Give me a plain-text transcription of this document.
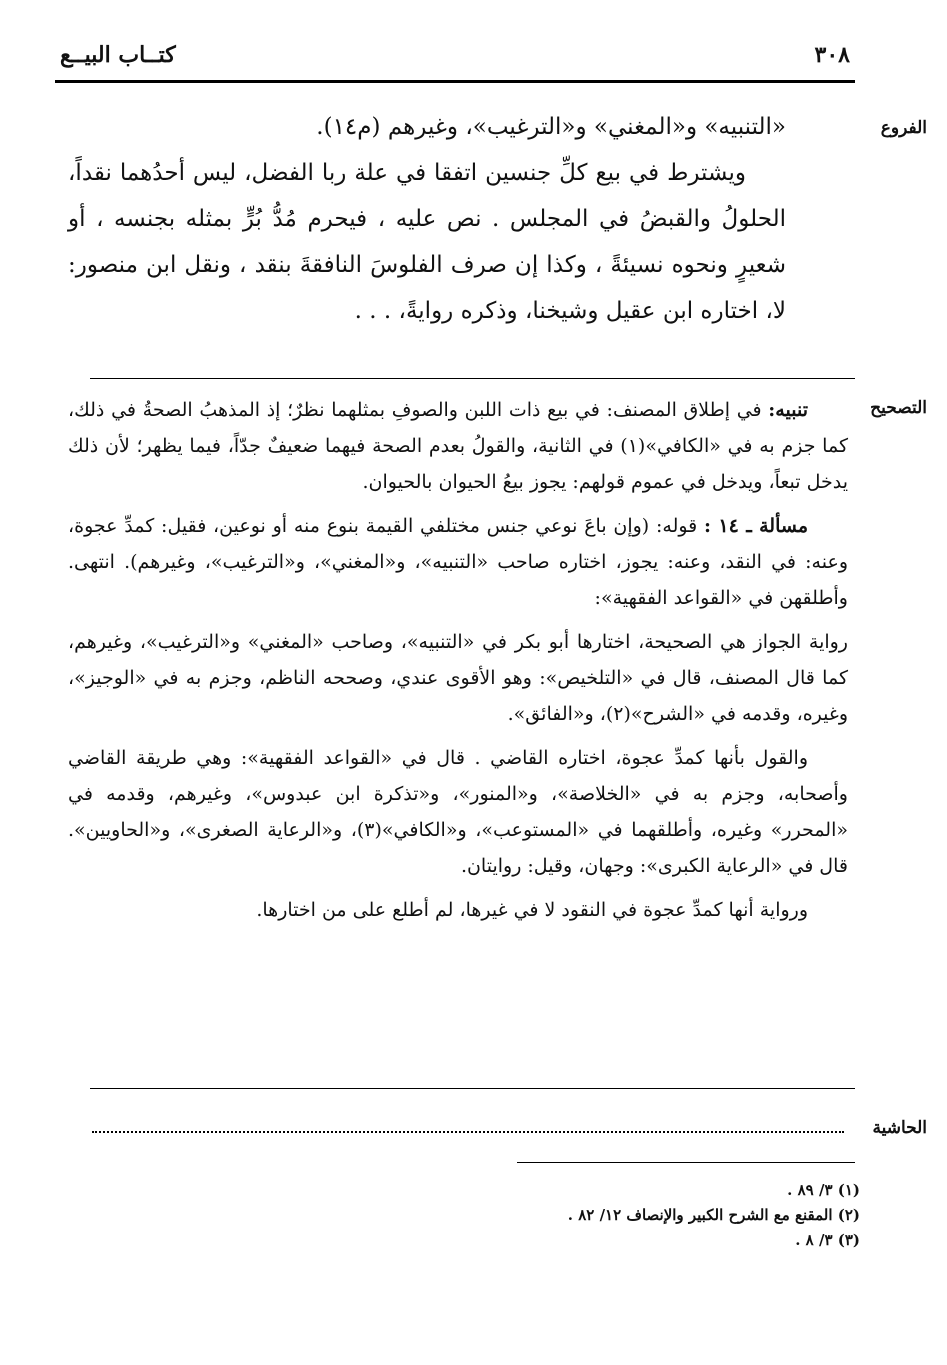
٣٠٨
كتــاب البيــع
الفروع

«التنبيه» و«المغني» و«الترغيب»، وغيرهم (م١٤).

ويشترط في بيع كلِّ جنسين اتفقا في علة ربا الفضل، ليس أحدُهما نقداً، الحلولُ والقبضُ في المجلس . نص عليه ، فيحرم مُدُّ بُرٍّ بمثله بجنسه ، أو شعيرٍ ونحوه نسيئةً ، وكذا إن صرف الفلوسَ النافقةَ بنقد ، ونقل ابن منصور: لا، اختاره ابن عقيل وشيخنا، وذكره روايةً، . . .

التصحيح

تنبيه: في إطلاق المصنف: في بيع ذات اللبن والصوفِ بمثلهما نظرٌ؛ إذ المذهبُ الصحةُ في ذلك، كما جزم به في «الكافي»(١) في الثانية، والقولُ بعدم الصحة فيهما ضعيفٌ جدّاً، فيما يظهر؛ لأن ذلك يدخل تبعاً، ويدخل في عموم قولهم: يجوز بيعُ الحيوان بالحيوان.

مسألة ـ ١٤ : قوله: (وإن باعَ نوعي جنس مختلفي القيمة بنوع منه أو نوعين، فقيل: كمدِّ عجوة، وعنه: في النقد، وعنه: يجوز، اختاره صاحب «التنبيه»، و«المغني»، و«الترغيب»، وغيرهم). انتهى. وأطلقهن في «القواعد الفقهية»:

رواية الجواز هي الصحيحة، اختارها أبو بكر في «التنبيه»، وصاحب «المغني» و«الترغيب»، وغيرهم، كما قال المصنف، قال في «التلخيص»: وهو الأقوى عندي، وصححه الناظم، وجزم به في «الوجيز»، وغيره، وقدمه في «الشرح»(٢)، و«الفائق».

والقول بأنها كمدِّ عجوة، اختاره القاضي . قال في «القواعد الفقهية»: وهي طريقة القاضي وأصحابه، وجزم به في «الخلاصة»، و«المنور»، و«تذكرة ابن عبدوس»، وغيرهم، وقدمه في «المحرر» وغيره، وأطلقهما في «المستوعب»، و«الكافي»(٣)، و«الرعاية الصغرى»، و«الحاويين». قال في «الرعاية الكبرى»: وجهان، وقيل: روايتان.

ورواية أنها كمدِّ عجوة في النقود لا في غيرها، لم أطلع على من اختارها.

الحاشية
(١) ٣/ ٨٩ .
(٢) المقنع مع الشرح الكبير والإنصاف ١٢/ ٨٢ .
(٣) ٣/ ٨ .
